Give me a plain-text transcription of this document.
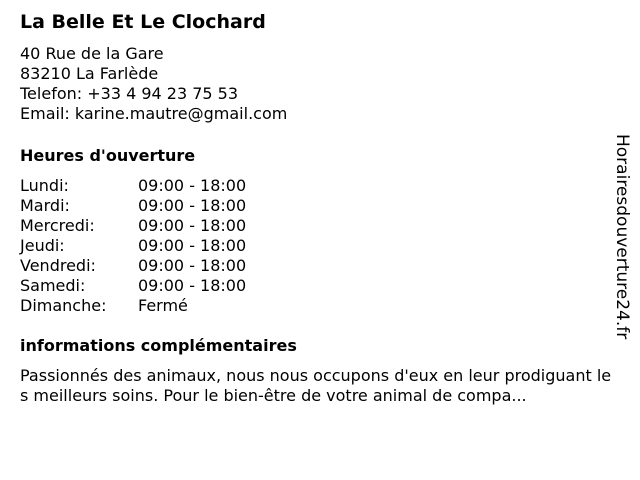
La Belle Et Le Clochard
40 Rue de la Gare
83210 La Farlède
Telefon: +33 4 94 23 75 53
Email: karine.mautre@gmail.com
Heures d'ouverture
Lundi:	09:00 - 18:00
Mardi:	09:00 - 18:00
Mercredi:	09:00 - 18:00
Jeudi:	09:00 - 18:00
Vendredi:	09:00 - 18:00
Samedi:	09:00 - 18:00
Dimanche:	Fermé
informations complémentaires
Passionnés des animaux, nous nous occupons d'eux en leur prodiguant les meilleurs soins. Pour le bien-être de votre animal de compa...
Horairesdouverture24.fr
